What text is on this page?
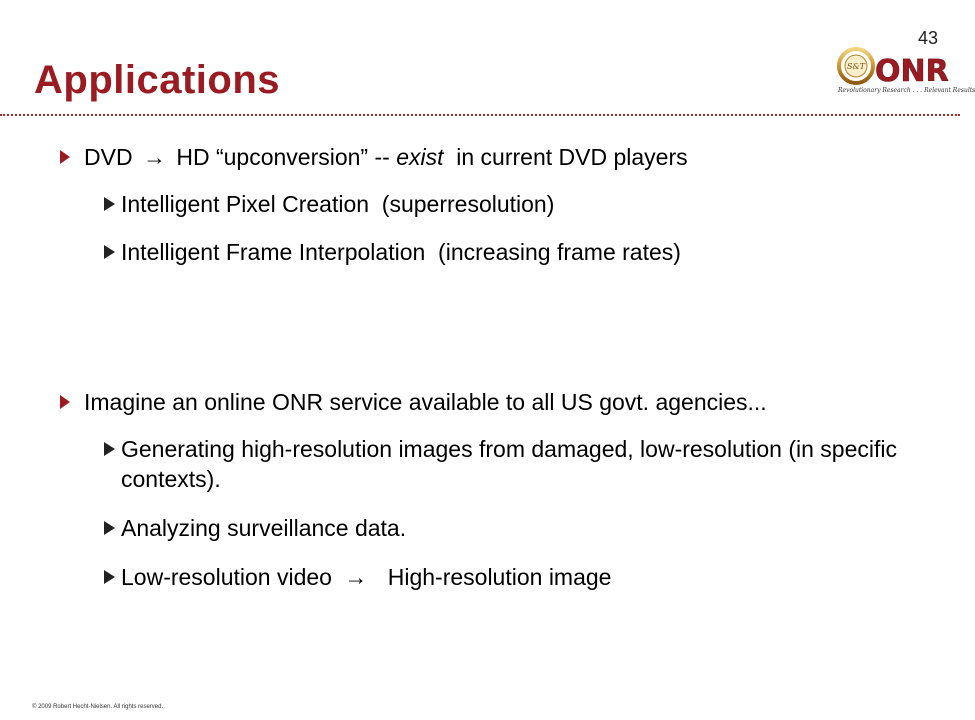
43
Applications	S&T ONR
Revolutionary Research . . . Relevant Results
DVD → HD “upconversion” -- exist  in current DVD players
Intelligent Pixel Creation  (superresolution)
Intelligent Frame Interpolation  (increasing frame rates)
Imagine an online ONR service available to all US govt. agencies...
Generating high-resolution images from damaged, low-resolution (in specific contexts).
Analyzing surveillance data.
Low-resolution video → High-resolution image
© 2009 Robert Hecht-Nielsen. All rights reserved.
